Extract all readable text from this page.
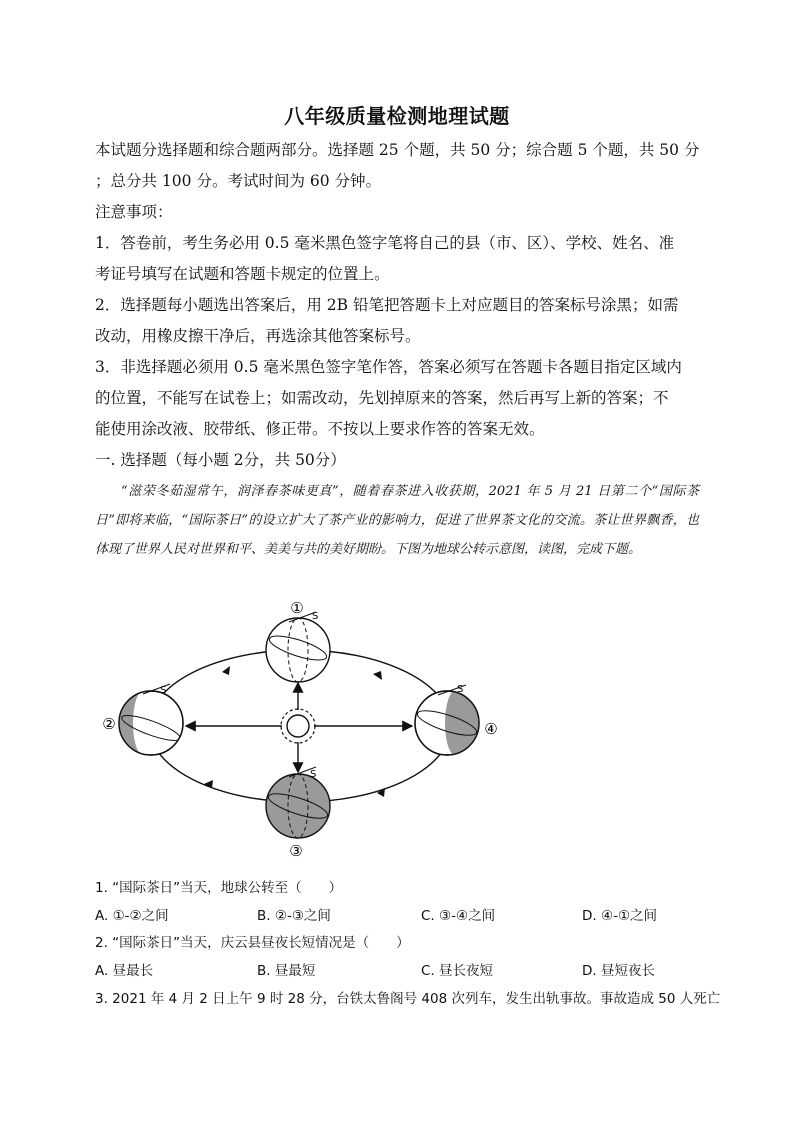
八年级质量检测地理试题
本试题分选择题和综合题两部分。选择题 25 个题，共 50 分；综合题 5 个题，共 50 分
；总分共 100 分。考试时间为 60 分钟。
注意事项：
1．答卷前，考生务必用 0.5 毫米黑色签字笔将自己的县（市、区）、学校、姓名、准
考证号填写在试题和答题卡规定的位置上。
2．选择题每小题选出答案后，用 2B 铅笔把答题卡上对应题目的答案标号涂黑；如需
改动，用橡皮擦干净后，再选涂其他答案标号。
3．非选择题必须用 0.5 毫米黑色签字笔作答，答案必须写在答题卡各题目指定区域内
的位置，不能写在试卷上；如需改动，先划掉原来的答案，然后再写上新的答案；不
能使用涂改液、胶带纸、修正带。不按以上要求作答的答案无效。
一. 选择题（每小题 2分，共 50分）
“滋荣冬茹湿常午，润泽春茶味更真”，随着春茶进入收获期，2021 年 5 月 21 日第二个“国际茶日”即将来临，“国际茶日”的设立扩大了茶产业的影响力，促进了世界茶文化的交流。茶让世界飘香，也体现了世界人民对世界和平、美美与共的美好期盼。下图为地球公转示意图，读图，完成下题。
S
S
S
S
①
②
③
④
1. “国际茶日”当天，地球公转至（　　）
A. ①-②之间	B. ②-③之间	C. ③-④之间	D. ④-①之间
2. “国际茶日”当天，庆云县昼夜长短情况是（　　）
A. 昼最长	B. 昼最短	C. 昼长夜短	D. 昼短夜长
3. 2021 年 4 月 2 日上午 9 时 28 分，台铁太鲁阁号 408 次列车，发生出轨事故。事故造成 50 人死亡
